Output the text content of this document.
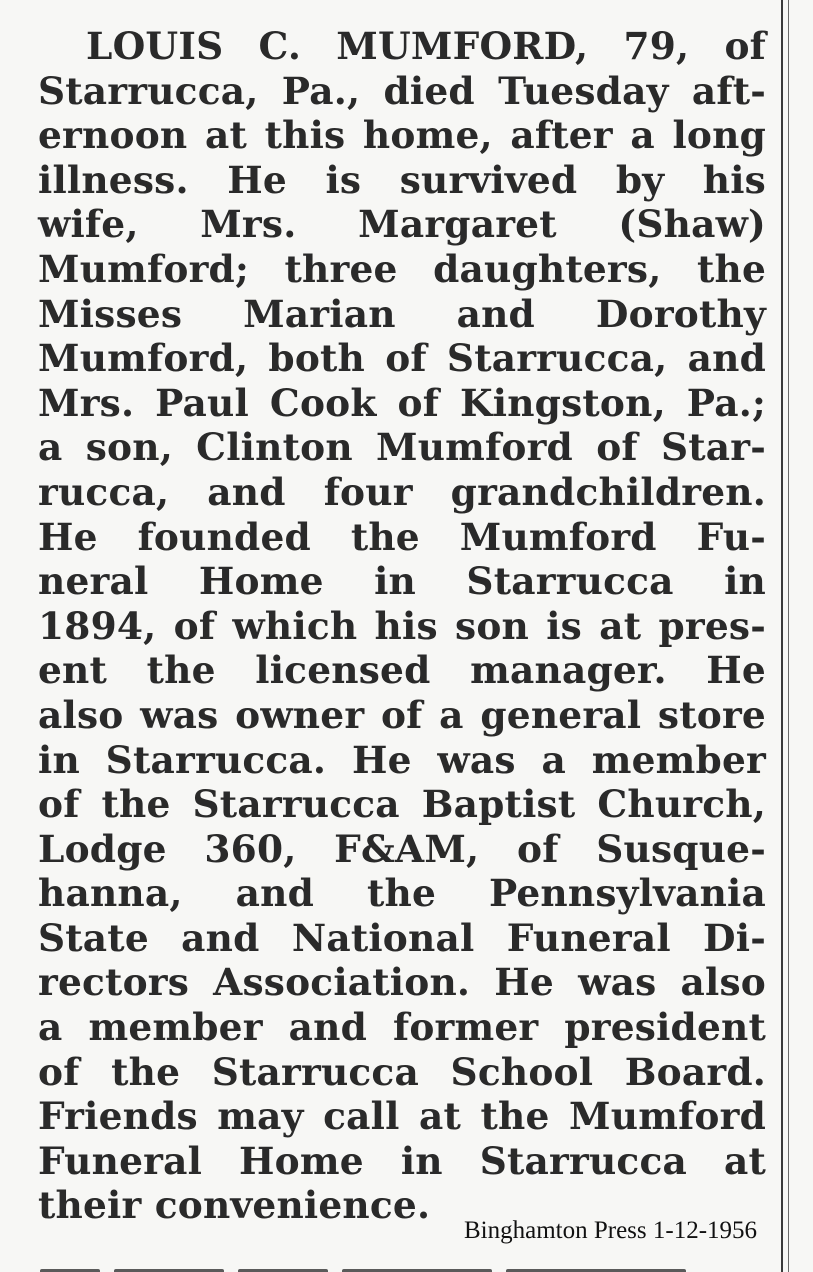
LOUIS C. MUMFORD, 79, of
Starrucca, Pa., died Tuesday aft-
ernoon at this home, after a long
illness. He is survived by his
wife, Mrs. Margaret (Shaw)
Mumford; three daughters, the
Misses Marian and Dorothy
Mumford, both of Starrucca, and
Mrs. Paul Cook of Kingston, Pa.;
a son, Clinton Mumford of Star-
rucca, and four grandchildren.
He founded the Mumford Fu-
neral Home in Starrucca in
1894, of which his son is at pres-
ent the licensed manager. He
also was owner of a general store
in Starrucca. He was a member
of the Starrucca Baptist Church,
Lodge 360, F&AM, of Susque-
hanna, and the Pennsylvania
State and National Funeral Di-
rectors Association. He was also
a member and former president
of the Starrucca School Board.
Friends may call at the Mumford
Funeral Home in Starrucca at
their convenience.
Binghamton Press 1-12-1956
